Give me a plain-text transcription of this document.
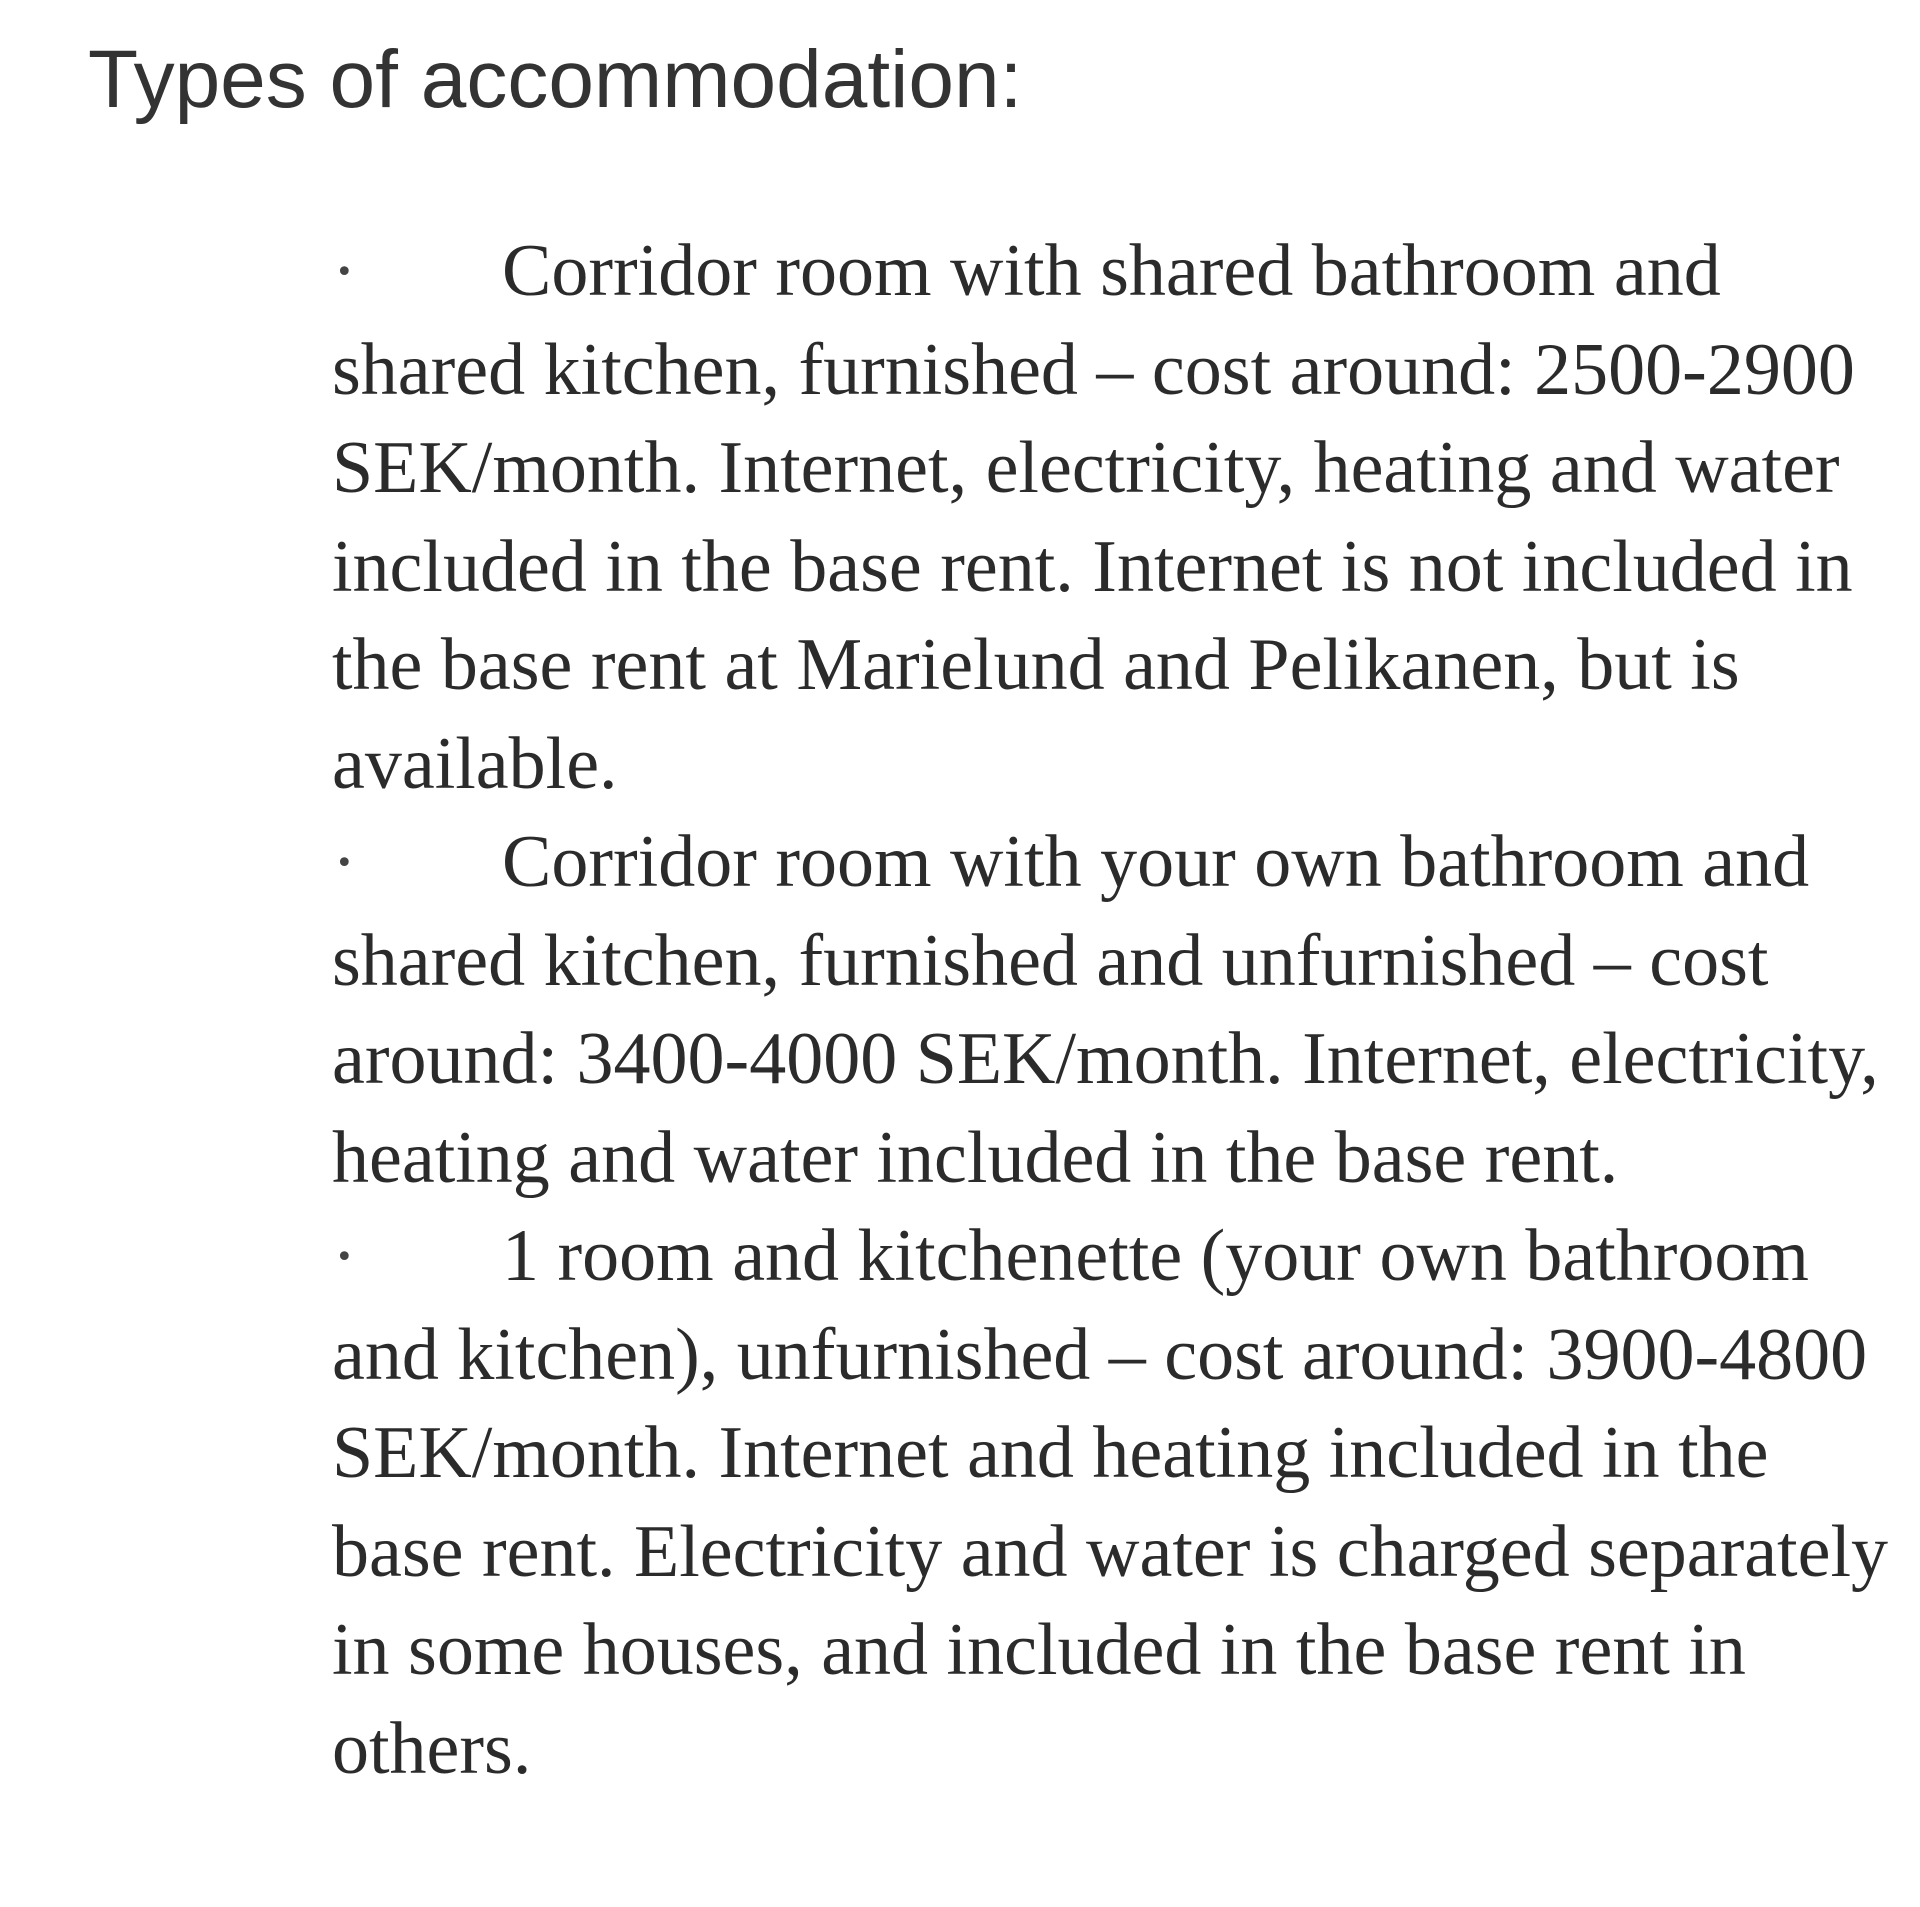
Types of accommodation:
· Corridor room with shared bathroom and shared kitchen, furnished – cost around: 2500-2900 SEK/month. Internet, electricity, heating and water included in the base rent. Internet is not included in the base rent at Marielund and Pelikanen, but is available.
· Corridor room with your own bathroom and shared kitchen, furnished and unfurnished – cost around: 3400-4000 SEK/month. Internet, electricity, heating and water included in the base rent.
· 1 room and kitchenette (your own bathroom and kitchen), unfurnished – cost around: 3900-4800 SEK/month. Internet and heating included in the base rent. Electricity and water is charged separately in some houses, and included in the base rent in others.
